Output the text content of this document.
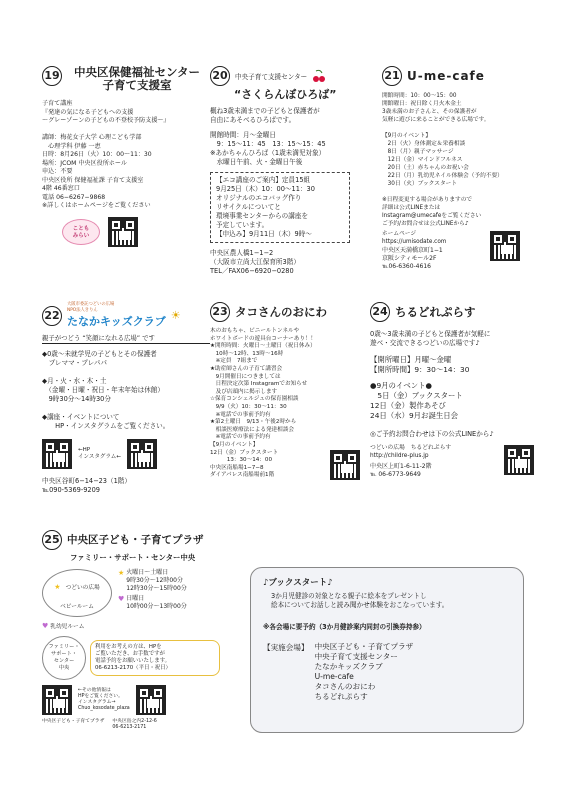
19	中央区保健福祉センター
子育て支援室
子育て講座
『発達の気になる子どもへの支援
〜グレーゾーンの子どもの不登校予防支援〜』

講師：梅花女子大学 心理こども学部
　心理学科 伊藤 一恵
日時：8月26日（火）10：00〜11：30
場所：JCOM 中央区役所ホール
申込：不要
中央区役所 保健福祉課 子育て支援室
4階 46番窓口
電話 06−6267−9868
※詳しくはホームページをご覧ください
ことも
みらい
20	中央子育て支援センター
“さくらんぼひろば”
概ね3歳未満までの子どもと保護者が
自由にあそべるひろばです。
開館時間：月〜金曜日
　9：15〜11：45　13：15〜15：45
※あかちゃんひろば（1歳未満児対象）
　水曜日午前、火・金曜日午後
【エコ講座のご案内】定員15組
9月25日（木）10：00〜11：30
オリジナルのエコバッグ作り
リサイクルについてと
環境事業センターからの講座を
予定しています。
【申込み】9月11日（木）9時〜
中央区農人橋1−1−2
（大阪市立尚大江保育所3階）
TEL／FAX06−6920−0280
21 U-me-cafe
開館時間：10：00〜15：00
開館曜日：祝日除く月火木金土
3歳未満のお子さんと、その保護者が
気軽に遊びに来ることができる広場です。

【9月のイベント】
　2日（火）身体測定＆栄養相談
　8日（月）親子マッサージ
　12日（金）マインドフルネス
　20日（土）赤ちゃんのお祝い会
　22日（月）乳幼児ネイル体験会（予約不要）
　30日（火）ブックスタート

※日程変更する場合がありますので
詳細は公式LINEまたは
Instagram@umecafeをご覧ください
ご予約/お問合せは公式LINEから♪
ホームページ
https://umisodate.com
中央区天満橋京町1−1
京阪シティモール2F
℡06-6360-4616
22
大阪市委託つどいの広場
NPO法人きりん
たなかキッズクラブ ☀
親子がつどう “笑顔になれる広場” です
◆0歳〜未就学児の子どもとその保護者
　プレママ・プレパパ

◆月・火・水・木・土
　（金曜・日曜・祝日・年末年始は休館）
　9時30分〜14時30分

◆講座・イベントについて
　　HP・インスタグラムをご覧ください。
←HP
インスタグラム←
中央区谷町6−14−23（1階）
℡090-5369-9209
23 タコさんのおにわ
木のおもちゃ、ビニールトンネルや
ホワイトボードの遊具台コーナーあり！！
★開所時間：火曜日〜土曜日（祝日休み）
　10時〜12時、13時〜16時
　※定員　7組まで
★助産師さんの子育て講習会
　9月開催日につきましては
　日程決定次第 Instagramでお知らせ
　及び店頭内に掲示します
☆保育コンシェルジュの保育園相談
　9/9（火）10：30〜11：30
　※電話での事前予約有
★第2土曜日　9/13・午後2時から
　相談医療療法による発達相談会
　※電話での事前予約有
【9月のイベント】
12日（金）ブックスタート
　　　13：30〜14：00
中央区南船場1−7−8
ダイアパレス南船場前1階
24 ちるどれぷらす
0歳〜3歳未満の子どもと保護者が気軽に
遊べ・交流できるつどいの広場です♪
【開所曜日】月曜〜金曜
【開所時間】9：30〜14：30
●9月のイベント●
　5日（金）ブックスタート
12日（金）製作あそび
24日（水）9月お誕生日会
◎ご予約お問合わせは下の公式LINEから♪
つどいの広場　ちるどれぷらす
http://childre-plus.jp
中央区上町1-6-11-2階
℡ 06-6773-9649
25 中央区子ども・子育てプラザ
ファミリー・サポート・センター中央
★ つどいの広場
ベビールーム
♥ 乳幼児ルーム
★ 火曜日〜土曜日
9時30分〜12時00分
12時30分〜15時00分
♥ 日曜日
10時00分〜13時00分
ファミリー・
サポート・
センター
中央
利用をお考えの方は、HPを
ご覧いただき、お手数ですが
電話予約をお願いいたします。
06-6213-2170（平日・祝日）
←その他情報は
HPをご覧ください。
インスタグラム→
Chuo_kosodate_plaza
中央区子ども・子育てプラザ 中央区島之内2-12-6
06-6213-2171
♪ブックスタート♪
3か月児健診の対象となる親子に絵本をプレゼントし
絵本についてお話しと読み聞かせ体験をおこなっています。
※各会場に要予約（3か月健診案内同封の引換券持参）
【実施会場】 中央区子ども・子育てプラザ
中央子育て支援センター
たなかキッズクラブ
U-me-cafe
タコさんのおにわ
ちるどれぷらす
